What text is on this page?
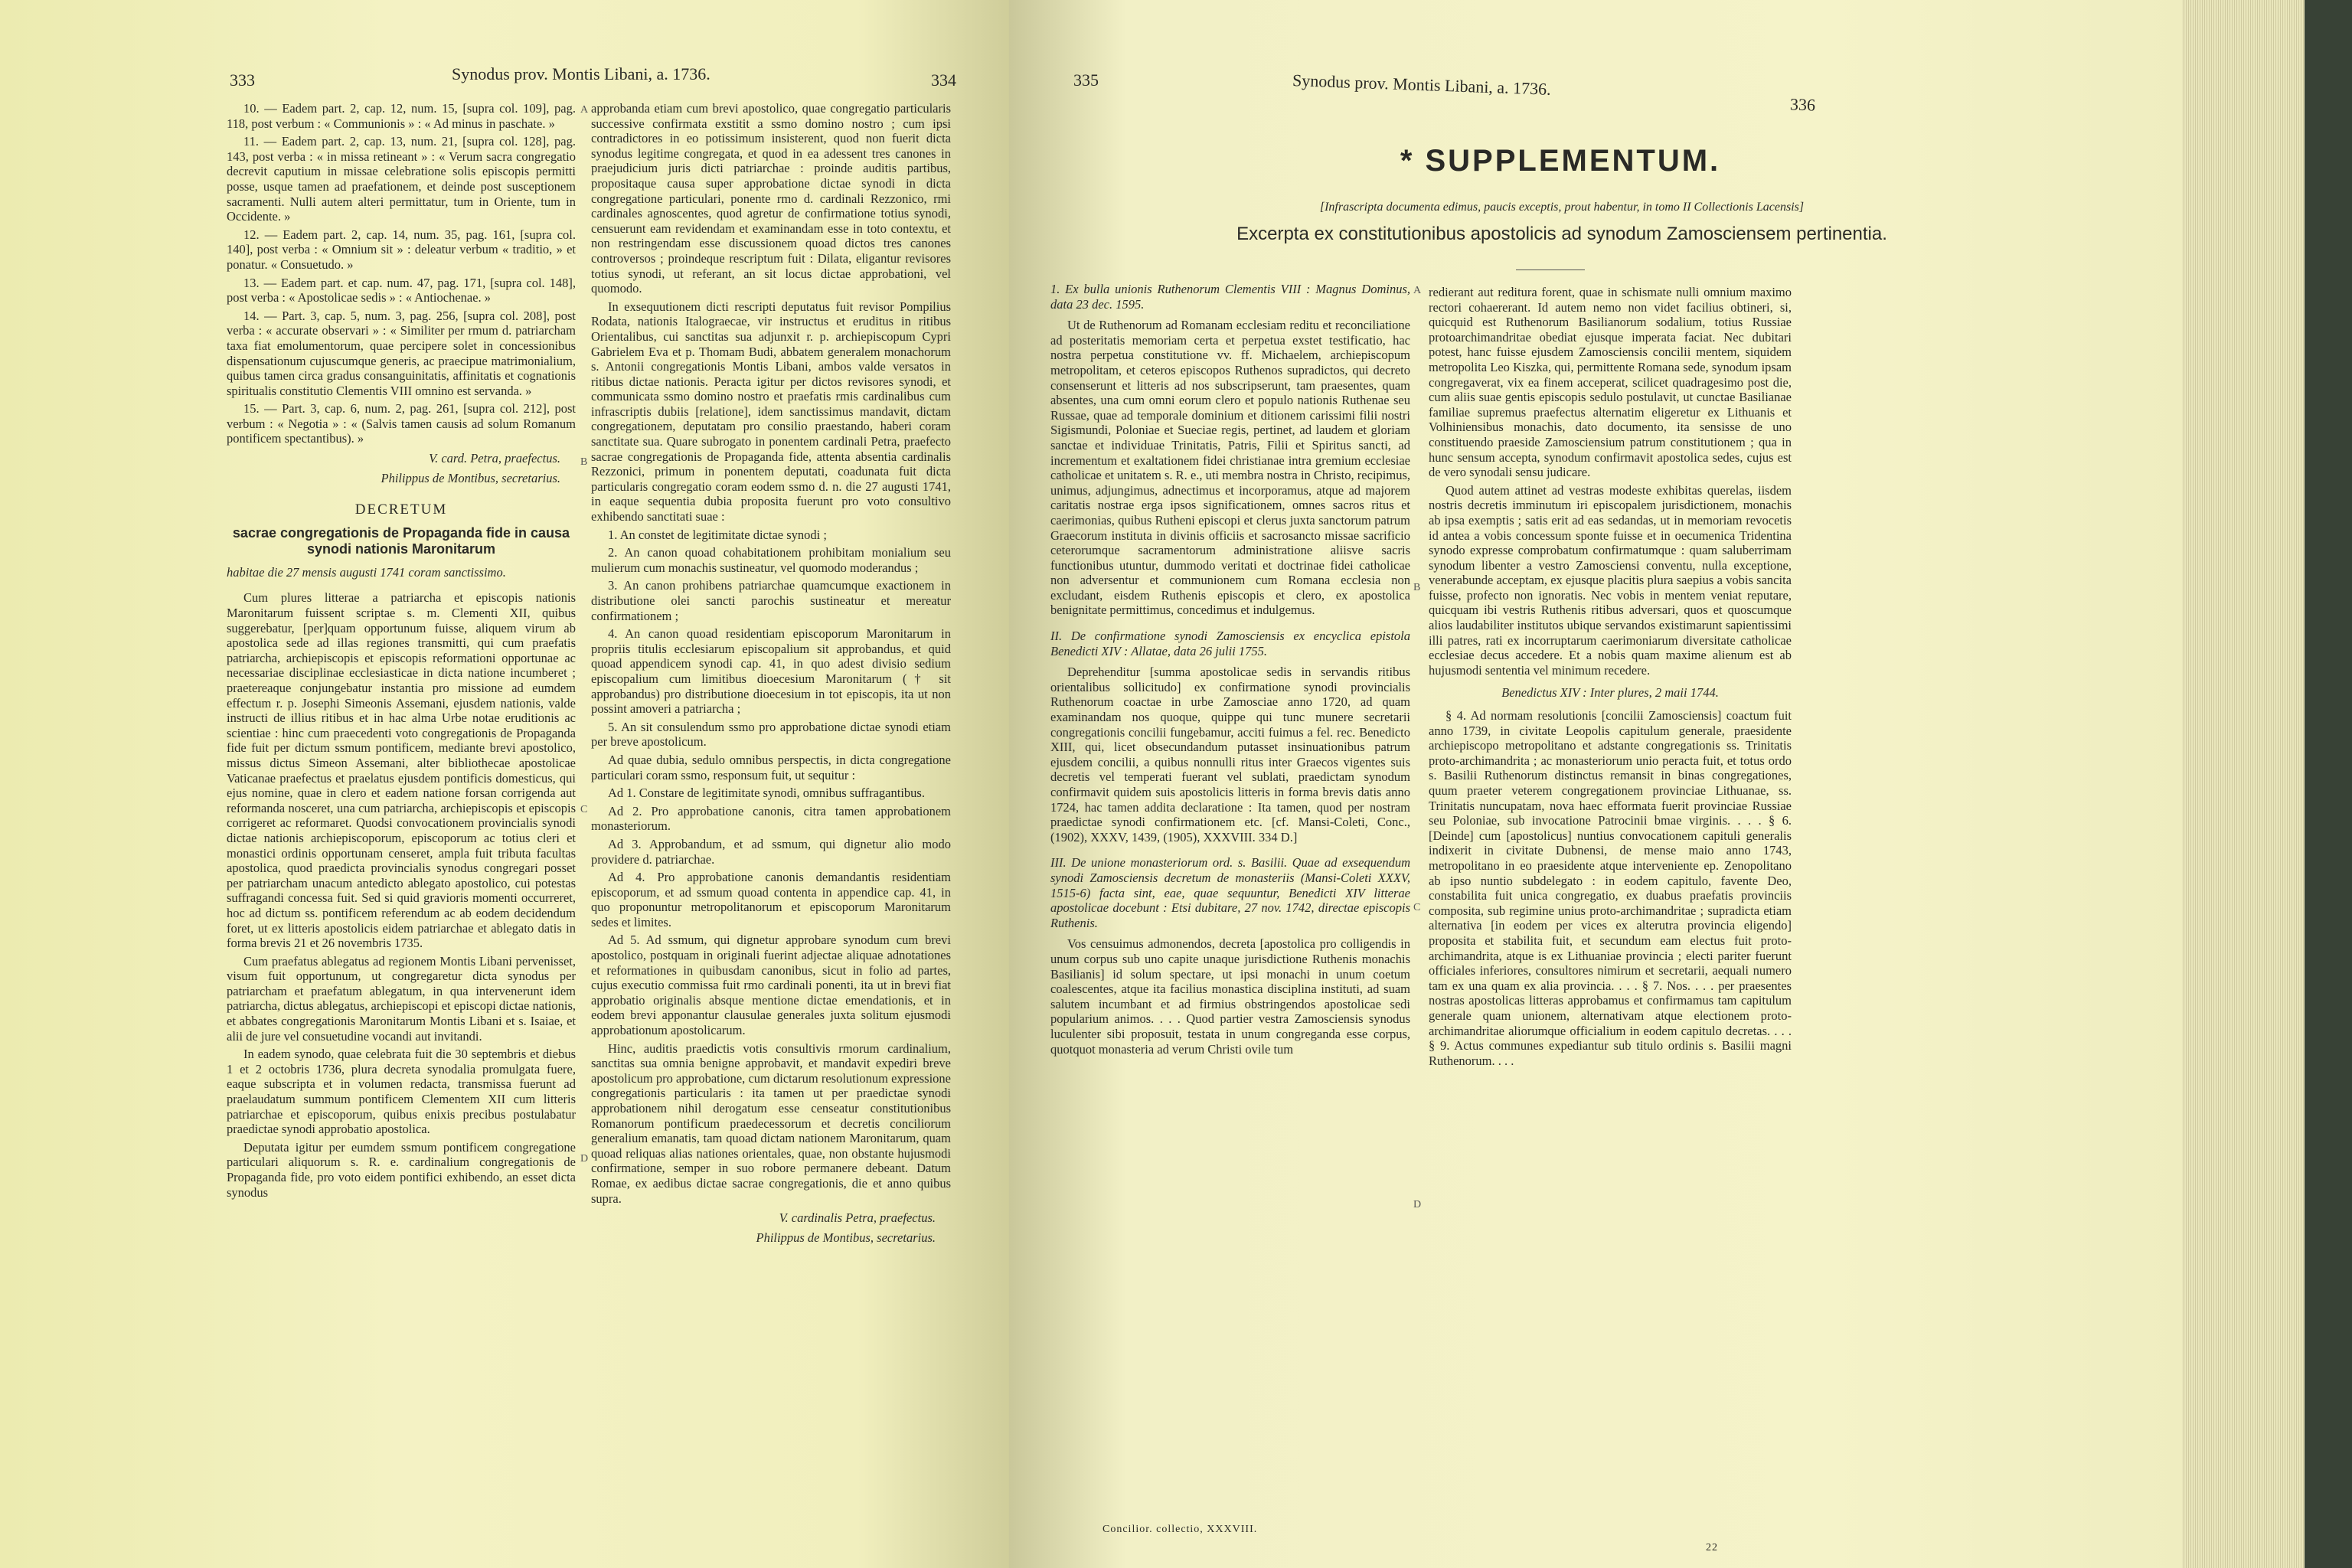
333	Synodus prov. Montis Libani, a. 1736.	334

10. — Eadem part. 2, cap. 12, num. 15, [supra col. 109], pag. 118, post verbum : « Communionis » : « Ad minus in paschate. »

11. — Eadem part. 2, cap. 13, num. 21, [supra col. 128], pag. 143, post verba : « in missa retineant » : « Verum sacra congregatio decrevit caputium in missae celebratione solis episcopis permitti posse, usque tamen ad praefationem, et deinde post susceptionem sacramenti. Nulli autem alteri permittatur, tum in Oriente, tum in Occidente. »

12. — Eadem part. 2, cap. 14, num. 35, pag. 161, [supra col. 140], post verba : « Omnium sit » : deleatur verbum « traditio, » et ponatur. « Consuetudo. »

13. — Eadem part. et cap. num. 47, pag. 171, [supra col. 148], post verba : « Apostolicae sedis » : « Antiochenae. »

14. — Part. 3, cap. 5, num. 3, pag. 256, [supra col. 208], post verba : « accurate observari » : « Similiter per rmum d. patriarcham taxa fiat emolumentorum, quae percipere solet in concessionibus dispensationum cujuscumque generis, ac praecipue matrimonialium, quibus tamen circa gradus consanguinitatis, affinitatis et cognationis spiritualis constitutio Clementis VIII omnino est servanda. »

15. — Part. 3, cap. 6, num. 2, pag. 261, [supra col. 212], post verbum : « Negotia » : « (Salvis tamen causis ad solum Romanum pontificem spectantibus). »

V. card. Petra, praefectus.

Philippus de Montibus, secretarius.

DECRETUM

sacrae congregationis de Propaganda fide in causa synodi nationis Maronitarum

habitae die 27 mensis augusti 1741 coram sanctissimo.

Cum plures litterae a patriarcha et episcopis nationis Maronitarum fuissent scriptae s. m. Clementi XII, quibus suggerebatur, [per]quam opportunum fuisse, aliquem virum ab apostolica sede ad illas regiones transmitti, qui cum praefatis patriarcha, archiepiscopis et episcopis reformationi opportunae ac necessariae disciplinae ecclesiasticae in dicta natione incumberet ; praetereaque conjungebatur instantia pro missione ad eumdem effectum r. p. Josephi Simeonis Assemani, ejusdem nationis, valde instructi de illius ritibus et in hac alma Urbe notae eruditionis ac scientiae : hinc cum praecedenti voto congregationis de Propaganda fide fuit per dictum ssmum pontificem, mediante brevi apostolico, missus dictus Simeon Assemani, alter bibliothecae apostolicae Vaticanae praefectus et praelatus ejusdem pontificis domesticus, qui ejus nomine, quae in clero et eadem natione forsan corrigenda aut reformanda nosceret, una cum patriarcha, archiepiscopis et episcopis corrigeret ac reformaret. Quodsi convocationem provincialis synodi dictae nationis archiepiscoporum, episcoporum ac totius cleri et monastici ordinis opportunam censeret, ampla fuit tributa facultas apostolica, quod praedicta provincialis synodus congregari posset per patriarcham unacum antedicto ablegato apostolico, cui potestas suffragandi concessa fuit. Sed si quid gravioris momenti occurreret, hoc ad dictum ss. pontificem referendum ac ab eodem decidendum foret, ut ex litteris apostolicis eidem patriarchae et ablegato datis in forma brevis 21 et 26 novembris 1735.

Cum praefatus ablegatus ad regionem Montis Libani pervenisset, visum fuit opportunum, ut congregaretur dicta synodus per patriarcham et praefatum ablegatum, in qua intervenerunt idem patriarcha, dictus ablegatus, archiepiscopi et episcopi dictae nationis, et abbates congregationis Maronitarum Montis Libani et s. Isaiae, et alii de jure vel consuetudine vocandi aut invitandi.

In eadem synodo, quae celebrata fuit die 30 septembris et diebus 1 et 2 octobris 1736, plura decreta synodalia promulgata fuere, eaque subscripta et in volumen redacta, transmissa fuerunt ad praelaudatum summum pontificem Clementem XII cum litteris patriarchae et episcoporum, quibus enixis precibus postulabatur praedictae synodi approbatio apostolica.

Deputata igitur per eumdem ssmum pontificem congregatione particulari aliquorum s. R. e. cardinalium congregationis de Propaganda fide, pro voto eidem pontifici exhibendo, an esset dicta synodus

A
B
C
D

approbanda etiam cum brevi apostolico, quae congregatio particularis successive confirmata exstitit a ssmo domino nostro ; cum ipsi contradictores in eo potissimum insisterent, quod non fuerit dicta synodus legitime congregata, et quod in ea adessent tres canones in praejudicium juris dicti patriarchae : proinde auditis partibus, propositaque causa super approbatione dictae synodi in dicta congregatione particulari, ponente rmo d. cardinali Rezzonico, rmi cardinales agnoscentes, quod agretur de confirmatione totius synodi, censuerunt eam revidendam et examinandam esse in toto contextu, et non restringendam esse discussionem quoad dictos tres canones controversos ; proindeque rescriptum fuit : Dilata, eligantur revisores totius synodi, ut referant, an sit locus dictae approbationi, vel quomodo.

In exsequutionem dicti rescripti deputatus fuit revisor Pompilius Rodata, nationis Italograecae, vir instructus et eruditus in ritibus Orientalibus, cui sanctitas sua adjunxit r. p. archiepiscopum Cypri Gabrielem Eva et p. Thomam Budi, abbatem generalem monachorum s. Antonii congregationis Montis Libani, ambos valde versatos in ritibus dictae nationis. Peracta igitur per dictos revisores synodi, et communicata ssmo domino nostro et praefatis rmis cardinalibus cum infrascriptis dubiis [relatione], idem sanctissimus mandavit, dictam congregationem, deputatam pro consilio praestando, haberi coram sanctitate sua. Quare subrogato in ponentem cardinali Petra, praefecto sacrae congregationis de Propaganda fide, attenta absentia cardinalis Rezzonici, primum in ponentem deputati, coadunata fuit dicta particularis congregatio coram eodem ssmo d. n. die 27 augusti 1741, in eaque sequentia dubia proposita fuerunt pro voto consultivo exhibendo sanctitati suae :

1. An constet de legitimitate dictae synodi ;

2. An canon quoad cohabitationem prohibitam monialium seu mulierum cum monachis sustineatur, vel quomodo moderandus ;

3. An canon prohibens patriarchae quamcumque exactionem in distributione olei sancti parochis sustineatur et mereatur confirmationem ;

4. An canon quoad residentiam episcoporum Maronitarum in propriis titulis ecclesiarum episcopalium sit approbandus, et quid quoad appendicem synodi cap. 41, in quo adest divisio sedium episcopalium cum limitibus dioecesium Maronitarum († sit approbandus) pro distributione dioecesium in tot episcopis, ita ut non possint amoveri a patriarcha ;

5. An sit consulendum ssmo pro approbatione dictae synodi etiam per breve apostolicum.

Ad quae dubia, sedulo omnibus perspectis, in dicta congregatione particulari coram ssmo, responsum fuit, ut sequitur :

Ad 1. Constare de legitimitate synodi, omnibus suffragantibus.

Ad 2. Pro approbatione canonis, citra tamen approbationem monasteriorum.

Ad 3. Approbandum, et ad ssmum, qui dignetur alio modo providere d. patriarchae.

Ad 4. Pro approbatione canonis demandantis residentiam episcoporum, et ad ssmum quoad contenta in appendice cap. 41, in quo proponuntur metropolitanorum et episcoporum Maronitarum sedes et limites.

Ad 5. Ad ssmum, qui dignetur approbare synodum cum brevi apostolico, postquam in originali fuerint adjectae aliquae adnotationes et reformationes in quibusdam canonibus, sicut in folio ad partes, cujus executio commissa fuit rmo cardinali ponenti, ita ut in brevi fiat approbatio originalis absque mentione dictae emendationis, et in eodem brevi apponantur clausulae generales juxta solitum ejusmodi approbationum apostolicarum.

Hinc, auditis praedictis votis consultivis rmorum cardinalium, sanctitas sua omnia benigne approbavit, et mandavit expediri breve apostolicum pro approbatione, cum dictarum resolutionum expressione congregationis particularis : ita tamen ut per praedictae synodi approbationem nihil derogatum esse censeatur constitutionibus Romanorum pontificum praedecessorum et decretis conciliorum generalium emanatis, tam quoad dictam nationem Maronitarum, quam quoad reliquas alias nationes orientales, quae, non obstante hujusmodi confirmatione, semper in suo robore permanere debeant. Datum Romae, ex aedibus dictae sacrae congregationis, die et anno quibus supra.

V. cardinalis Petra, praefectus.

Philippus de Montibus, secretarius.

335	Synodus prov. Montis Libani, a. 1736.
336
* SUPPLEMENTUM.
[Infrascripta documenta edimus, paucis exceptis, prout habentur, in tomo II Collectionis Lacensis]
Excerpta ex constitutionibus apostolicis ad synodum Zamosciensem pertinentia.

1. Ex bulla unionis Ruthenorum Clementis VIII : Magnus Dominus, data 23 dec. 1595.

Ut de Ruthenorum ad Romanam ecclesiam reditu et reconciliatione ad posteritatis memoriam certa et perpetua exstet testificatio, hac nostra perpetua constitutione vv. ff. Michaelem, archiepiscopum metropolitam, et ceteros episcopos Ruthenos supradictos, qui decreto consenserunt et litteris ad nos subscripserunt, tam praesentes, quam absentes, una cum omni eorum clero et populo nationis Ruthenae seu Russae, quae ad temporale dominium et ditionem carissimi filii nostri Sigismundi, Poloniae et Sueciae regis, pertinet, ad laudem et gloriam sanctae et individuae Trinitatis, Patris, Filii et Spiritus sancti, ad incrementum et exaltationem fidei christianae intra gremium ecclesiae catholicae et unitatem s. R. e., uti membra nostra in Christo, recipimus, unimus, adjungimus, adnectimus et incorporamus, atque ad majorem caritatis nostrae erga ipsos significationem, omnes sacros ritus et caerimonias, quibus Rutheni episcopi et clerus juxta sanctorum patrum Graecorum instituta in divinis officiis et sacrosancto missae sacrificio ceterorumque sacramentorum administratione aliisve sacris functionibus utuntur, dummodo veritati et doctrinae fidei catholicae non adversentur et communionem cum Romana ecclesia non excludant, eisdem Ruthenis episcopis et clero, ex apostolica benignitate permittimus, concedimus et indulgemus.

II. De confirmatione synodi Zamosciensis ex encyclica epistola Benedicti XIV : Allatae, data 26 julii 1755.

Deprehenditur [summa apostolicae sedis in servandis ritibus orientalibus sollicitudo] ex confirmatione synodi provincialis Ruthenorum coactae in urbe Zamosciae anno 1720, ad quam examinandam nos quoque, quippe qui tunc munere secretarii congregationis concilii fungebamur, acciti fuimus a fel. rec. Benedicto XIII, qui, licet obsecundandum putasset insinuationibus patrum ejusdem concilii, a quibus nonnulli ritus inter Graecos vigentes suis decretis vel temperati fuerant vel sublati, praedictam synodum confirmavit quidem suis apostolicis litteris in forma brevis datis anno 1724, hac tamen addita declaratione : Ita tamen, quod per nostram praedictae synodi confirmationem etc. [cf. Mansi-Coleti, Conc., (1902), XXXV, 1439, (1905), XXXVIII. 334 D.]

III. De unione monasteriorum ord. s. Basilii. Quae ad exsequendum synodi Zamosciensis decretum de monasteriis (Mansi-Coleti XXXV, 1515-6) facta sint, eae, quae sequuntur, Benedicti XIV litterae apostolicae docebunt : Etsi dubitare, 27 nov. 1742, directae episcopis Ruthenis.

Vos censuimus admonendos, decreta [apostolica pro colligendis in unum corpus sub uno capite unaque jurisdictione Ruthenis monachis Basilianis] id solum spectare, ut ipsi monachi in unum coetum coalescentes, atque ita facilius monastica disciplina instituti, ad suam salutem incumbant et ad firmius obstringendos apostolicae sedi popularium animos. . . . Quod partier vestra Zamosciensis synodus luculenter sibi proposuit, testata in unum congreganda esse corpus, quotquot monasteria ad verum Christi ovile tum

A
B
C
D

redierant aut reditura forent, quae in schismate nulli omnium maximo rectori cohaererant. Id autem nemo non videt facilius obtineri, si, quicquid est Ruthenorum Basilianorum sodalium, totius Russiae protoarchimandritae obediat ejusque imperata faciat. Nec dubitari potest, hanc fuisse ejusdem Zamosciensis concilii mentem, siquidem metropolita Leo Kiszka, qui, permittente Romana sede, synodum ipsam congregaverat, vix ea finem acceperat, scilicet quadragesimo post die, cum aliis suae gentis episcopis sedulo postulavit, ut cunctae Basilianae familiae supremus praefectus alternatim eligeretur ex Lithuanis et Volhiniensibus monachis, dato documento, ita sensisse de uno constituendo praeside Zamosciensium patrum constitutionem ; qua in hunc sensum accepta, synodum confirmavit apostolica sedes, cujus est de vero synodali sensu judicare.

Quod autem attinet ad vestras modeste exhibitas querelas, iisdem nostris decretis imminutum iri episcopalem jurisdictionem, monachis ab ipsa exemptis ; satis erit ad eas sedandas, ut in memoriam revocetis id antea a vobis concessum sponte fuisse et in oecumenica Tridentina synodo expresse comprobatum confirmatumque : quam saluberrimam synodum libenter a vestro Zamosciensi conventu, nulla exceptione, venerabunde acceptam, ex ejusque placitis plura saepius a vobis sancita fuisse, profecto non ignoratis. Nec vobis in mentem veniat reputare, quicquam ibi vestris Ruthenis ritibus adversari, quos et quoscumque alios laudabiliter institutos ubique servandos existimarunt sapientissimi illi patres, rati ex incorruptarum caerimoniarum diversitate catholicae ecclesiae decus accedere. Et a nobis quam maxime alienum est ab hujusmodi sententia vel minimum recedere.

Benedictus XIV : Inter plures, 2 maii 1744.

§ 4. Ad normam resolutionis [concilii Zamosciensis] coactum fuit anno 1739, in civitate Leopolis capitulum generale, praesidente archiepiscopo metropolitano et adstante congregationis ss. Trinitatis proto-archimandrita ; ac monasteriorum unio peracta fuit, et totus ordo s. Basilii Ruthenorum distinctus remansit in binas congregationes, quum praeter veterem congregationem provinciae Lithuanae, ss. Trinitatis nuncupatam, nova haec efformata fuerit provinciae Russiae seu Poloniae, sub invocatione Patrocinii bmae virginis. . . . § 6. [Deinde] cum [apostolicus] nuntius convocationem capituli generalis indixerit in civitate Dubnensi, de mense maio anno 1743, metropolitano in eo praesidente atque interveniente ep. Zenopolitano ab ipso nuntio subdelegato : in eodem capitulo, favente Deo, constabilita fuit unica congregatio, ex duabus praefatis provinciis composita, sub regimine unius proto-archimandritae ; supradicta etiam alternativa [in eodem per vices ex alterutra provincia eligendo] proposita et stabilita fuit, et secundum eam electus fuit proto-archimandrita, atque is ex Lithuaniae provincia ; electi pariter fuerunt officiales inferiores, consultores nimirum et secretarii, aequali numero tam ex una quam ex alia provincia. . . . § 7. Nos. . . . per praesentes nostras apostolicas litteras approbamus et confirmamus tam capitulum generale quam unionem, alternativam atque electionem proto-archimandritae aliorumque officialium in eodem capitulo decretas. . . . § 9. Actus communes expediantur sub titulo ordinis s. Basilii magni Ruthenorum. . . .

Concilior. collectio, XXXVIII.
22
